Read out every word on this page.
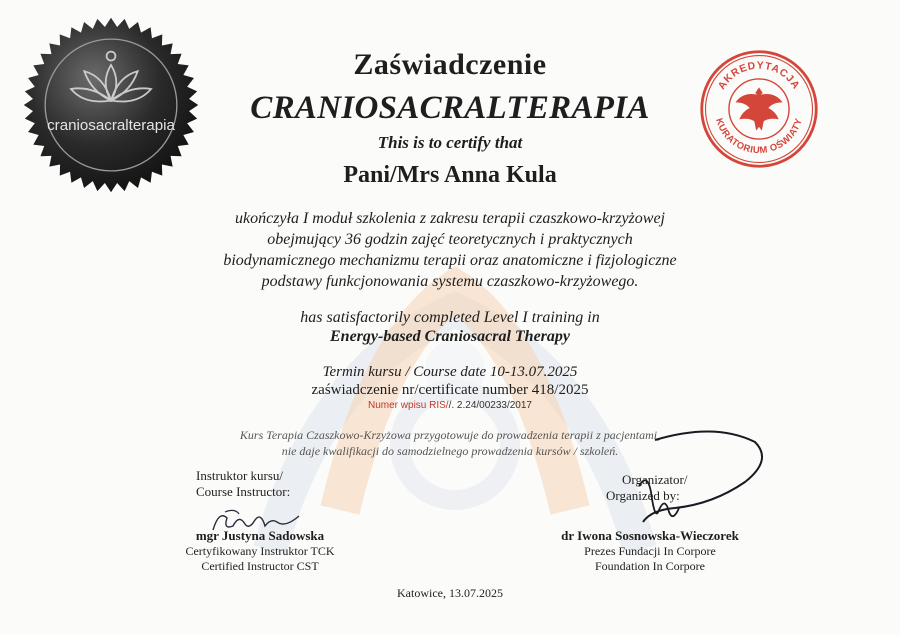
craniosacralterapia
AKREDYTACJA
KURATORIUM OŚWIATY
Zaświadczenie
CRANIOSACRALTERAPIA
This is to certify that
Pani/Mrs Anna Kula
ukończyła I moduł szkolenia z zakresu terapii czaszkowo-krzyżowej
obejmujący 36 godzin zajęć teoretycznych i praktycznych
biodynamicznego mechanizmu terapii oraz anatomiczne i fizjologiczne
podstawy funkcjonowania systemu czaszkowo-krzyżowego.
has satisfactorily completed Level I training in
Energy-based Craniosacral Therapy
Termin kursu / Course date 10-13.07.2025
zaświadczenie nr/certificate number 418/2025
Numer wpisu RIS//. 2.24/00233/2017
Kurs Terapia Czaszkowo-Krzyżowa przygotowuje do prowadzenia terapii z pacjentami,
nie daje kwalifikacji do samodzielnego prowadzenia kursów / szkoleń.
Instruktor kursu/
Course Instructor:
mgr Justyna Sadowska
Certyfikowany Instruktor TCK
Certified Instructor CST
Organizator/
Organized by:
dr Iwona Sosnowska-Wieczorek
Prezes Fundacji In Corpore
Foundation In Corpore
Katowice, 13.07.2025
